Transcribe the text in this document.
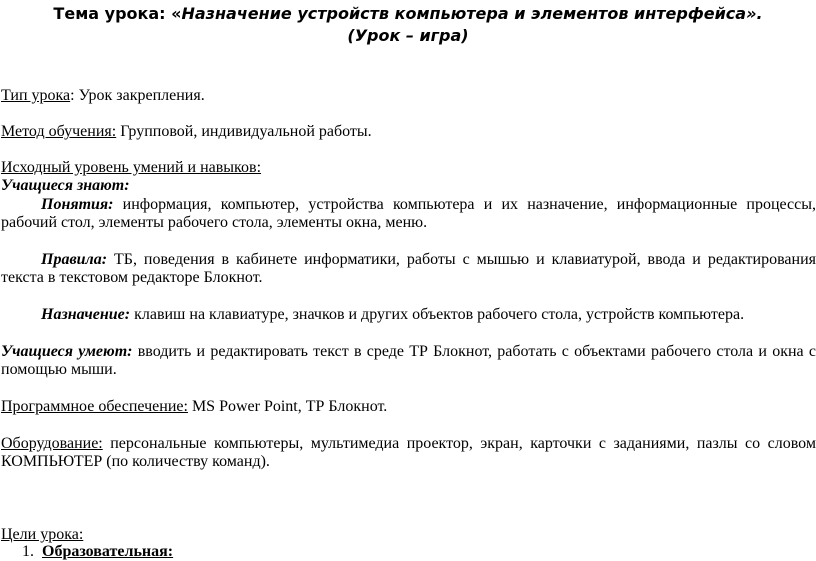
Тема урока: «Назначение устройств компьютера и элементов интерфейса».
(Урок – игра)
Тип урока: Урок закрепления.
Метод обучения: Групповой, индивидуальной работы.
Исходный уровень умений и навыков:
Учащиеся знают:
Понятия: информация, компьютер, устройства компьютера и их назначение, информационные процессы,
рабочий стол, элементы рабочего стола, элементы окна, меню.
Правила: ТБ, поведения в кабинете информатики, работы с мышью и клавиатурой, ввода и редактирования
текста в текстовом редакторе Блокнот.
Назначение: клавиш на клавиатуре, значков и других объектов рабочего стола, устройств компьютера.
Учащиеся умеют: вводить и редактировать текст в среде ТР Блокнот, работать с объектами рабочего стола и окна с
помощью мыши.
Программное обеспечение: MS Power Point, ТР Блокнот.
Оборудование: персональные компьютеры, мультимедиа проектор, экран, карточки с заданиями, пазлы со словом
КОМПЬЮТЕР (по количеству команд).
Цели урока:
1. Образовательная:
